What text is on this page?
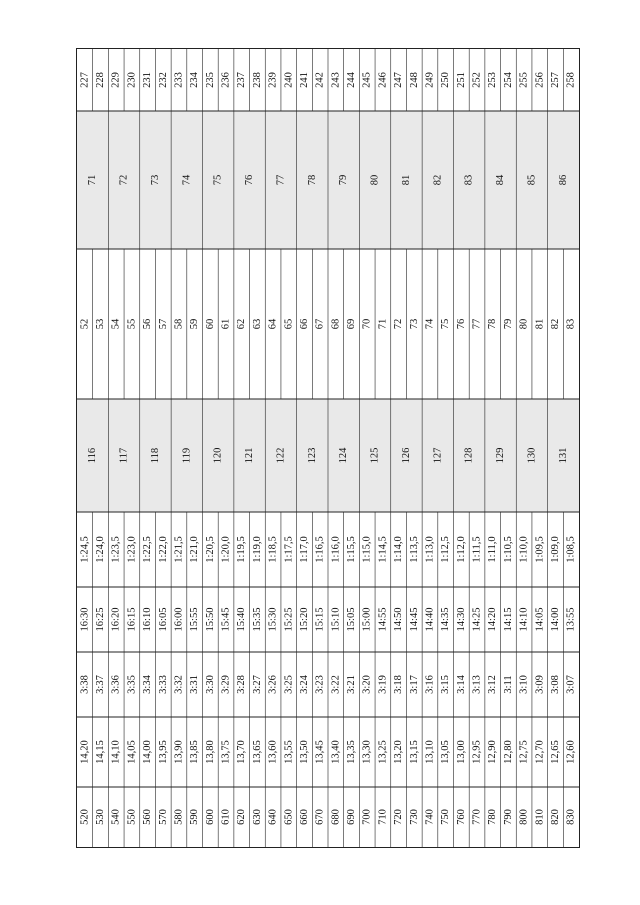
830
820
810
800
790
780
770
760
750
740
730
720
710
700
690
680
670
660
650
640
630
620
610
600
590
580
570
560
550
540
530
520
12,60
12,65
12,70
12,75
12,80
12,90
12,95
13,00
13,05
13,10
13,15
13,20
13,25
13,30
13,35
13,40
13,45
13,50
13,55
13,60
13,65
13,70
13,75
13,80
13,85
13,90
13,95
14,00
14,05
14,10
14,15
14,20
3:07
3:08
3:09
3:10
3:11
3:12
3:13
3:14
3:15
3:16
3:17
3:18
3:19
3:20
3:21
3:22
3:23
3:24
3:25
3:26
3:27
3:28
3:29
3:30
3:31
3:32
3:33
3:34
3:35
3:36
3:37
3:38
13:55
14:00
14:05
14:10
14:15
14:20
14:25
14:30
14:35
14:40
14:45
14:50
14:55
15:00
15:05
15:10
15:15
15:20
15:25
15:30
15:35
15:40
15:45
15:50
15:55
16:00
16:05
16:10
16:15
16:20
16:25
16:30
1:08,5
1:09,0
1:09,5
1:10,0
1:10,5
1:11,0
1:11,5
1:12,0
1:12,5
1:13,0
1:13,5
1:14,0
1:14,5
1:15,0
1:15,5
1:16,0
1:16,5
1:17,0
1:17,5
1:18,5
1:19,0
1:19,5
1:20,0
1:20,5
1:21,0
1:21,5
1:22,0
1:22,5
1:23,0
1:23,5
1:24,0
1:24,5
131
130
129
128
127
126
125
124
123
122
121
120
119
118
117
116
83
82
81
80
79
78
77
76
75
74
73
72
71
70
69
68
67
66
65
64
63
62
61
60
59
58
57
56
55
54
53
52
86
85
84
83
82
81
80
79
78
77
76
75
74
73
72
71
258
257
256
255
254
253
252
251
250
249
248
247
246
245
244
243
242
241
240
239
238
237
236
235
234
233
232
231
230
229
228
227
